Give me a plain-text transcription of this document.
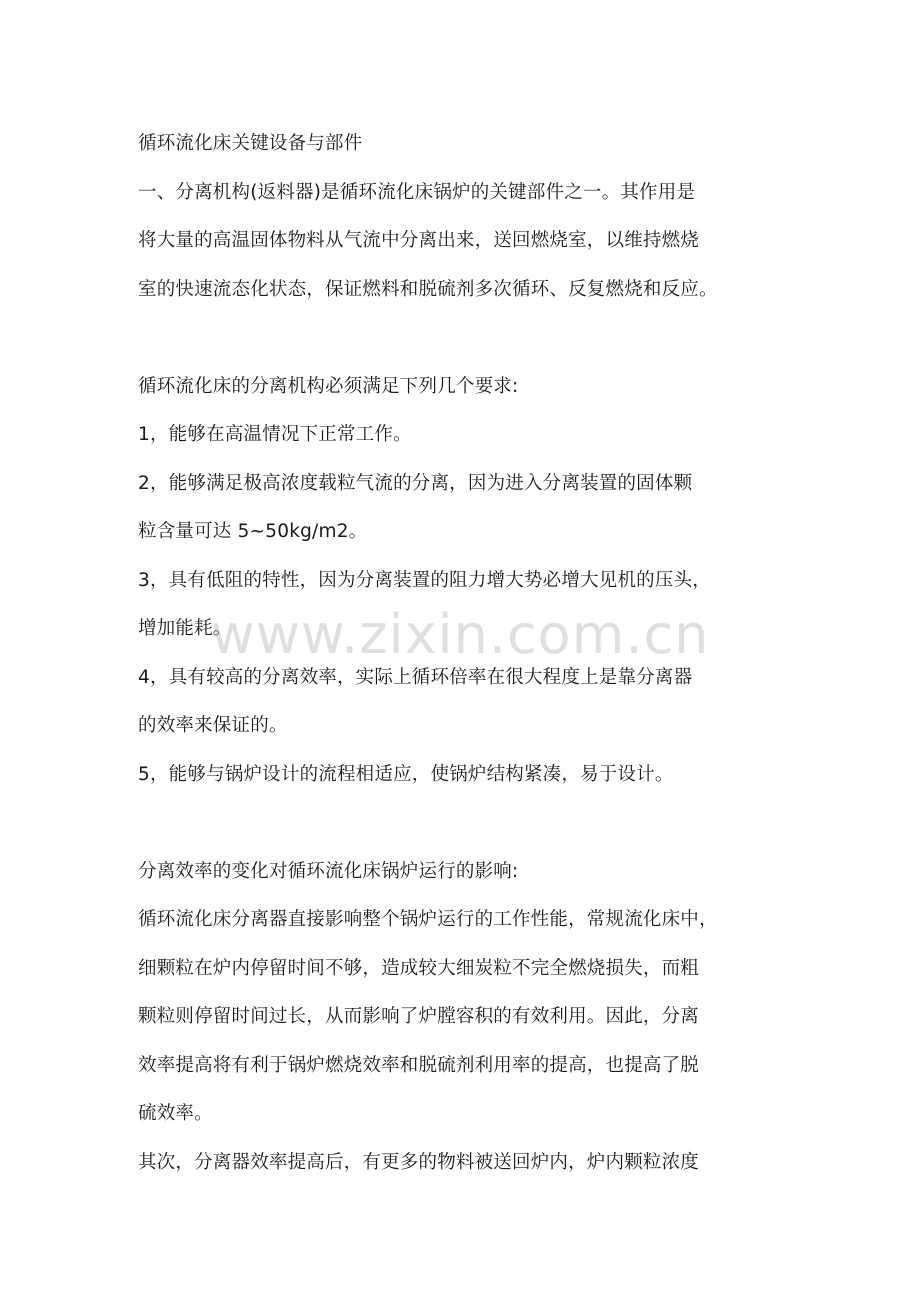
循环流化床关键设备与部件

一、分离机构(返料器)是循环流化床锅炉的关键部件之一。其作用是

将大量的高温固体物料从气流中分离出来，送回燃烧室，以维持燃烧

室的快速流态化状态，保证燃料和脱硫剂多次循环、反复燃烧和反应。

循环流化床的分离机构必须满足下列几个要求:

1，能够在高温情况下正常工作。

2，能够满足极高浓度载粒气流的分离，因为进入分离装置的固体颗

粒含量可达 5~50kg/m2。

3，具有低阻的特性，因为分离装置的阻力增大势必增大见机的压头，

增加能耗。

4，具有较高的分离效率，实际上循环倍率在很大程度上是靠分离器

的效率来保证的。

5，能够与锅炉设计的流程相适应，使锅炉结构紧凑，易于设计。

分离效率的变化对循环流化床锅炉运行的影响:

循环流化床分离器直接影响整个锅炉运行的工作性能，常规流化床中，

细颗粒在炉内停留时间不够，造成较大细炭粒不完全燃烧损失，而粗

颗粒则停留时间过长，从而影响了炉膛容积的有效利用。因此，分离

效率提高将有利于锅炉燃烧效率和脱硫剂利用率的提高，也提高了脱

硫效率。

其次，分离器效率提高后，有更多的物料被送回炉内，炉内颗粒浓度

www.zixin.com.cn
